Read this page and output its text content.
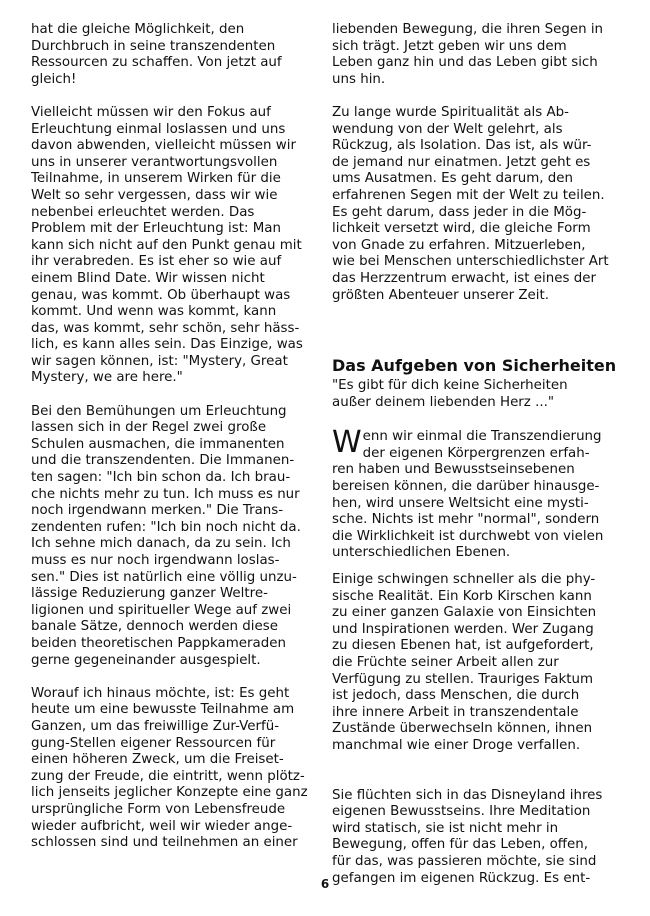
hat die gleiche Möglichkeit, den
Durchbruch in seine transzendenten
Ressourcen zu schaffen. Von jetzt auf
gleich!

Vielleicht müssen wir den Fokus auf
Erleuchtung einmal loslassen und uns
davon abwenden, vielleicht müssen wir
uns in unserer verantwortungsvollen
Teilnahme, in unserem Wirken für die
Welt so sehr vergessen, dass wir wie
nebenbei erleuchtet werden. Das
Problem mit der Erleuchtung ist: Man
kann sich nicht auf den Punkt genau mit
ihr verabreden. Es ist eher so wie auf
einem Blind Date. Wir wissen nicht
genau, was kommt. Ob überhaupt was
kommt. Und wenn was kommt, kann
das, was kommt, sehr schön, sehr häss-
lich, es kann alles sein. Das Einzige, was
wir sagen können, ist: "Mystery, Great
Mystery, we are here."

Bei den Bemühungen um Erleuchtung
lassen sich in der Regel zwei große
Schulen ausmachen, die immanenten
und die transzendenten. Die Immanen-
ten sagen: "Ich bin schon da. Ich brau-
che nichts mehr zu tun. Ich muss es nur
noch irgendwann merken." Die Trans-
zendenten rufen: "Ich bin noch nicht da.
Ich sehne mich danach, da zu sein. Ich
muss es nur noch irgendwann loslas-
sen." Dies ist natürlich eine völlig unzu-
lässige Reduzierung ganzer Weltre-
ligionen und spiritueller Wege auf zwei
banale Sätze, dennoch werden diese
beiden theoretischen Pappkameraden
gerne gegeneinander ausgespielt.

Worauf ich hinaus möchte, ist: Es geht
heute um eine bewusste Teilnahme am
Ganzen, um das freiwillige Zur-Verfü-
gung-Stellen eigener Ressourcen für
einen höheren Zweck, um die Freiset-
zung der Freude, die eintritt, wenn plötz-
lich jenseits jeglicher Konzepte eine ganz
ursprüngliche Form von Lebensfreude
wieder aufbricht, weil wir wieder ange-
schlossen sind und teilnehmen an einer

liebenden Bewegung, die ihren Segen in
sich trägt. Jetzt geben wir uns dem
Leben ganz hin und das Leben gibt sich
uns hin.

Zu lange wurde Spiritualität als Ab-
wendung von der Welt gelehrt, als
Rückzug, als Isolation. Das ist, als wür-
de jemand nur einatmen. Jetzt geht es
ums Ausatmen. Es geht darum, den
erfahrenen Segen mit der Welt zu teilen.
Es geht darum, dass jeder in die Mög-
lichkeit versetzt wird, die gleiche Form
von Gnade zu erfahren. Mitzuerleben,
wie bei Menschen unterschiedlichster Art
das Herzzentrum erwacht, ist eines der
größten Abenteuer unserer Zeit.

Das Aufgeben von Sicherheiten

"Es gibt für dich keine Sicherheiten
außer deinem liebenden Herz ..."

Wenn wir einmal die Transzendierung
der eigenen Körpergrenzen erfah-
ren haben und Bewusstseinsebenen
bereisen können, die darüber hinausge-
hen, wird unsere Weltsicht eine mysti-
sche. Nichts ist mehr "normal", sondern
die Wirklichkeit ist durchwebt von vielen
unterschiedlichen Ebenen.

Einige schwingen schneller als die phy-
sische Realität. Ein Korb Kirschen kann
zu einer ganzen Galaxie von Einsichten
und Inspirationen werden. Wer Zugang
zu diesen Ebenen hat, ist aufgefordert,
die Früchte seiner Arbeit allen zur
Verfügung zu stellen. Trauriges Faktum
ist jedoch, dass Menschen, die durch
ihre innere Arbeit in transzendentale
Zustände überwechseln können, ihnen
manchmal wie einer Droge verfallen.

Sie flüchten sich in das Disneyland ihres
eigenen Bewusstseins. Ihre Meditation
wird statisch, sie ist nicht mehr in
Bewegung, offen für das Leben, offen,
für das, was passieren möchte, sie sind
gefangen im eigenen Rückzug. Es ent-

6
